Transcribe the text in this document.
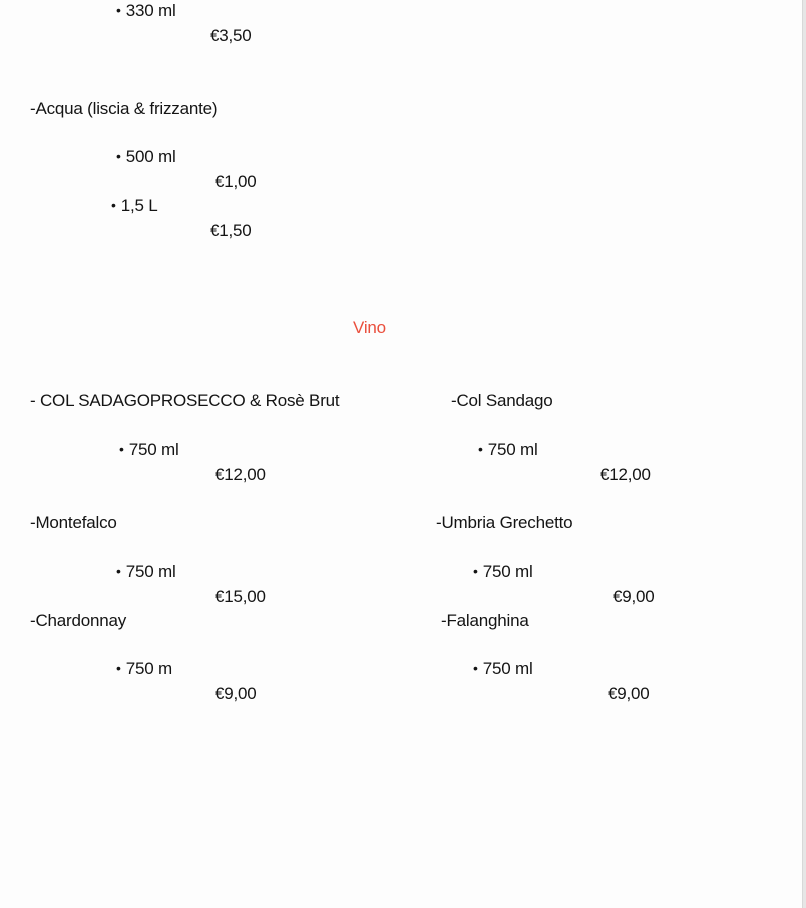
• 330 ml
€3,50
-Acqua (liscia & frizzante)
• 500 ml
€1,00
• 1,5 L
€1,50
Vino
- COL SADAGOPROSECCO & Rosè Brut
• 750 ml
€12,00
-Col Sandago
• 750 ml
€12,00
-Montefalco
• 750 ml
€15,00
-Umbria Grechetto
• 750 ml
€9,00
-Chardonnay
• 750 m
€9,00
-Falanghina
• 750 ml
€9,00
